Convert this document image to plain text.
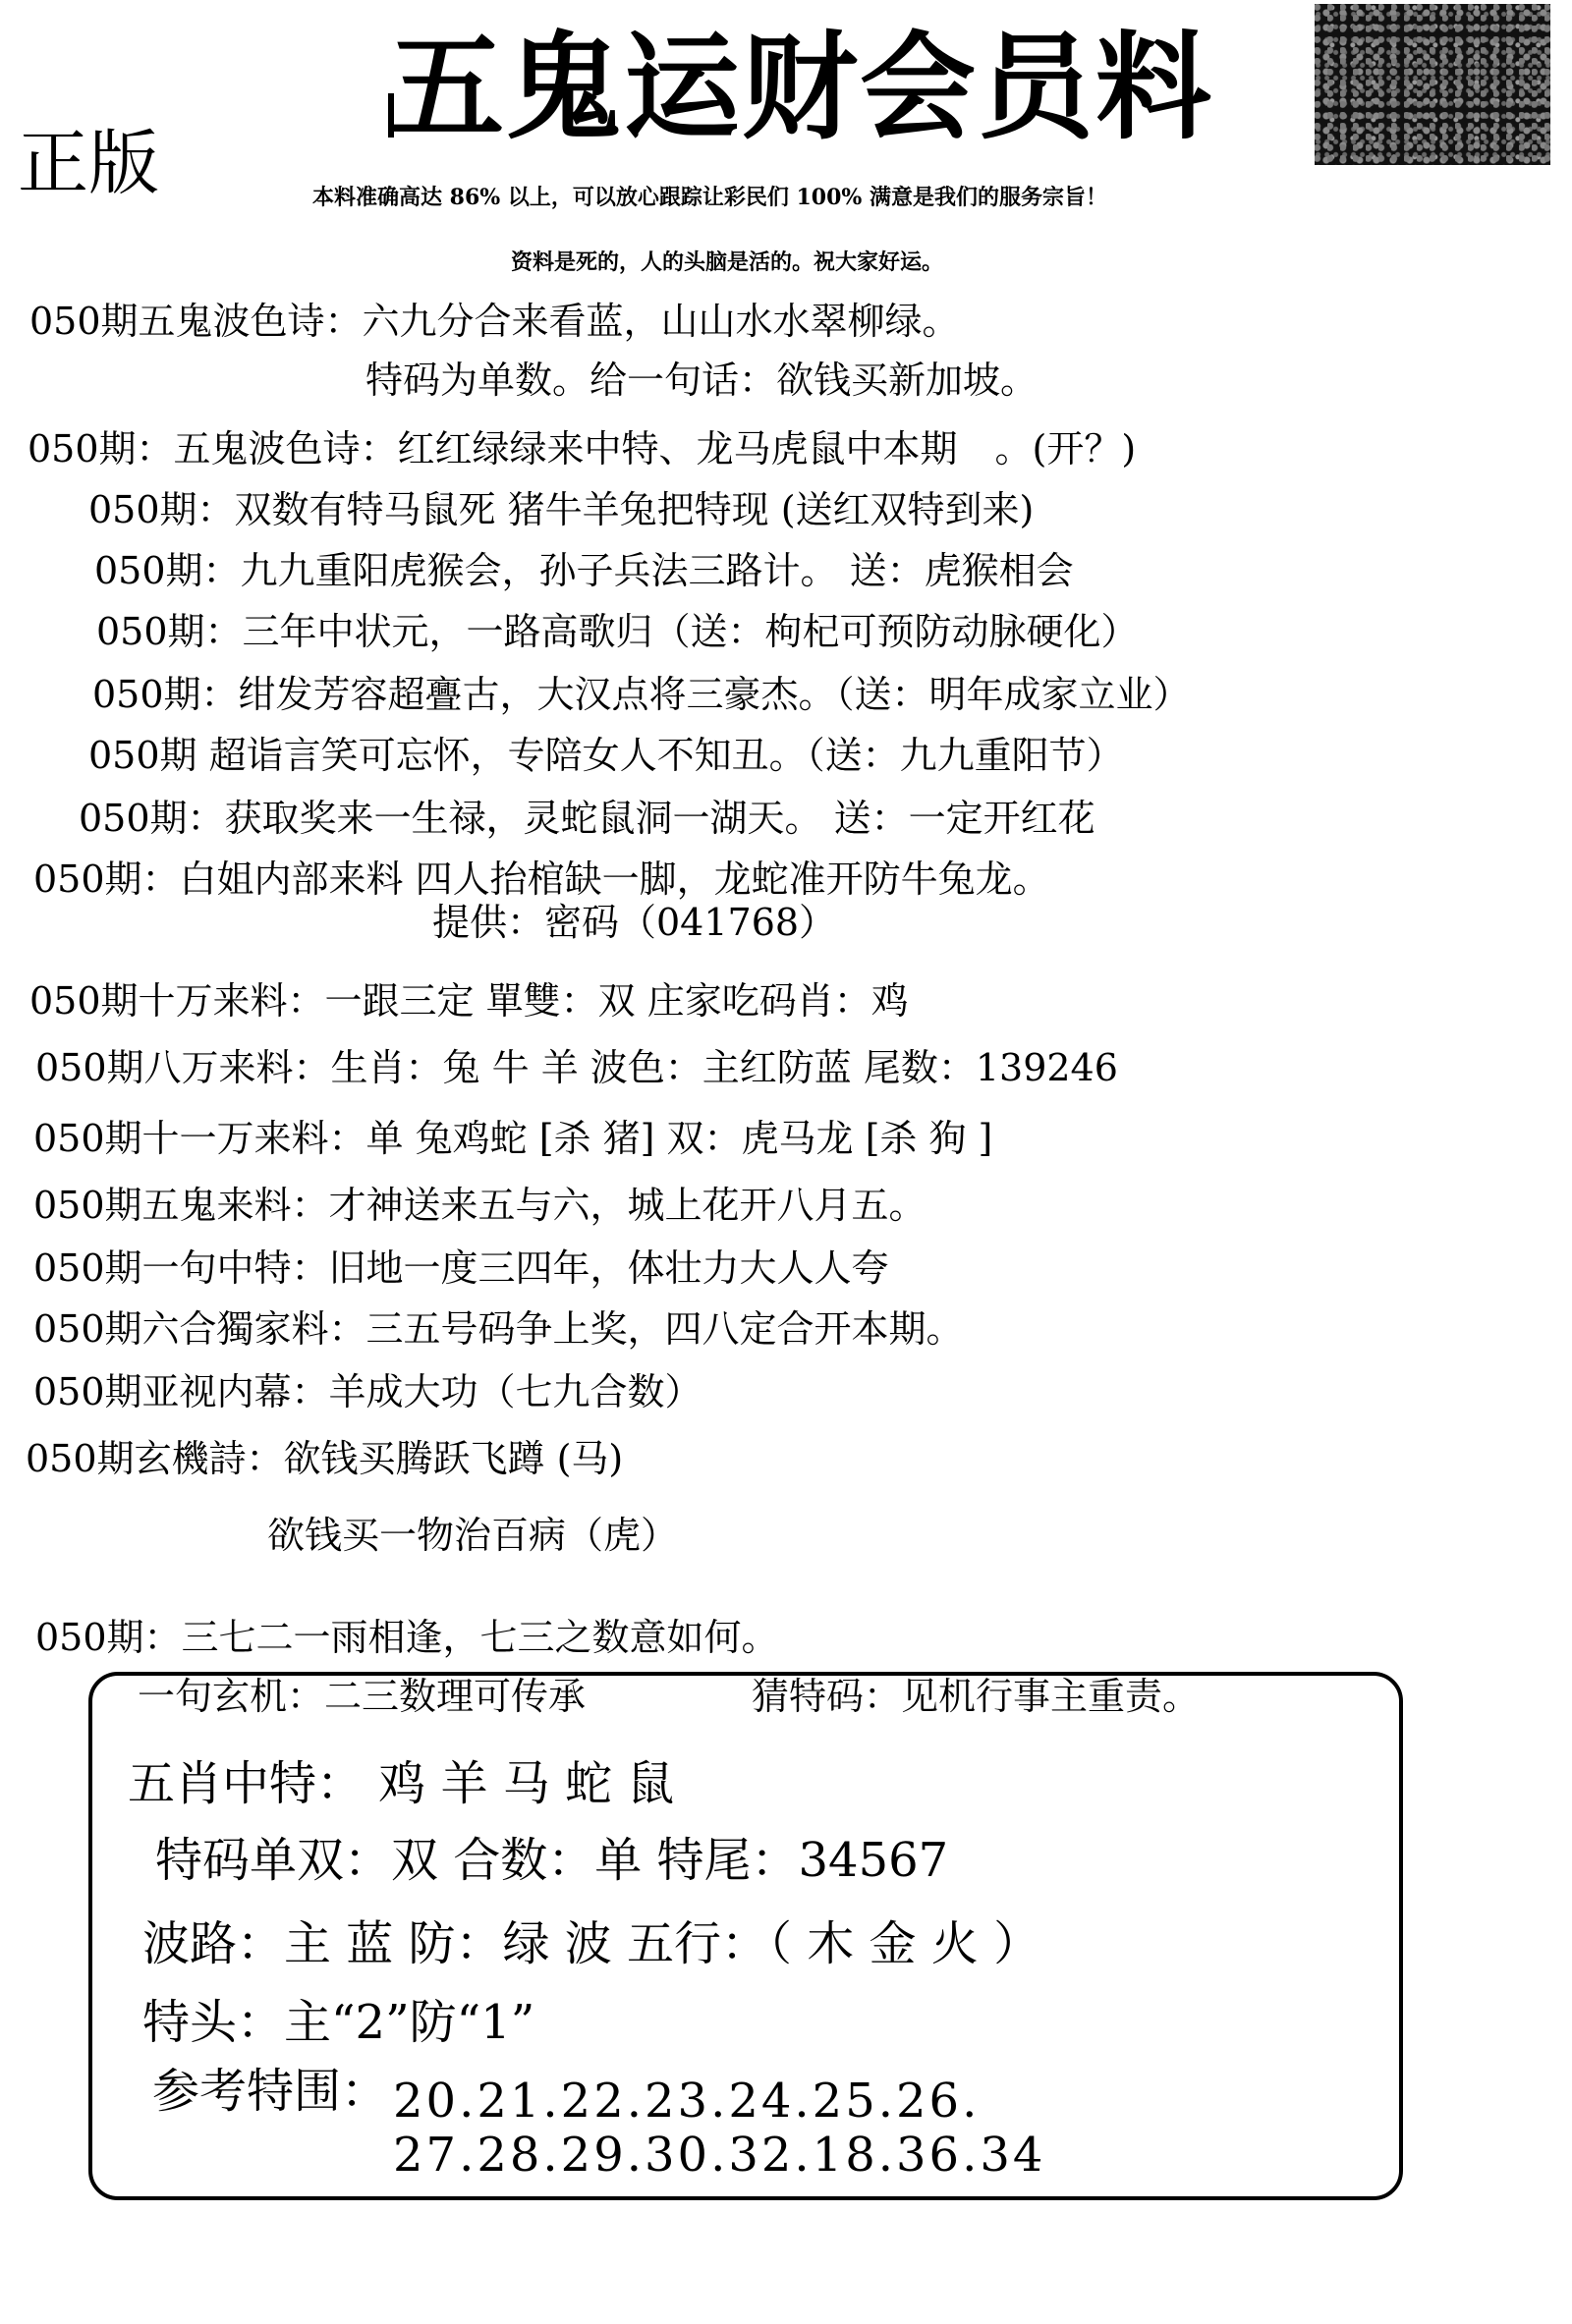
五鬼运财会员料
正版	本料准确高达 86% 以上，可以放心跟踪让彩民们 100% 满意是我们的服务宗旨！
资料是死的，人的头脑是活的。祝大家好运。
050期五鬼波色诗：六九分合来看蓝，山山水水翠柳绿。
特码为单数。给一句话：欲钱买新加坡。
050期：五鬼波色诗：红红绿绿来中特、龙马虎鼠中本期　。(开？)
050期：双数有特马鼠死 猪牛羊兔把特现 (送红双特到来)
050期：九九重阳虎猴会，孙子兵法三路计。 送：虎猴相会
050期：三年中状元，一路高歌归（送：枸杞可预防动脉硬化）
050期：绀发芳容超亹古，大汉点将三豪杰。（送：明年成家立业）
050期 超诣言笑可忘怀，专陪女人不知丑。（送：九九重阳节）
050期：获取奖来一生禄，灵蛇鼠洞一湖天。 送：一定开红花
050期：白姐内部来料 四人抬棺缺一脚，龙蛇准开防牛兔龙。
提供：密码（041768）
050期十万来料：一跟三定 單雙：双 庄家吃码肖：鸡
050期八万来料：生肖：兔 牛 羊 波色：主红防蓝 尾数：139246
050期十一万来料：单 兔鸡蛇 [杀 猪] 双：虎马龙 [杀 狗 ]
050期五鬼来料：才神送来五与六，城上花开八月五。
050期一句中特：旧地一度三四年，体壮力大人人夸
050期六合獨家料：三五号码争上奖，四八定合开本期。
050期亚视内幕：羊成大功（七九合数）
050期玄機詩：欲钱买腾跃飞蹲 (马)
欲钱买一物治百病（虎）
050期：三七二一雨相逢，七三之数意如何。
一句玄机：二三数理可传承	猜特码：见机行事主重责。
五肖中特： 鸡 羊 马 蛇 鼠
特码单双：双 合数：单 特尾：34567
波路：主 蓝 防：绿 波 五行：（ 木 金 火 ）
特头：主“2”防“1”
参考特围： 20.21.22.23.24.25.26.
27.28.29.30.32.18.36.34
